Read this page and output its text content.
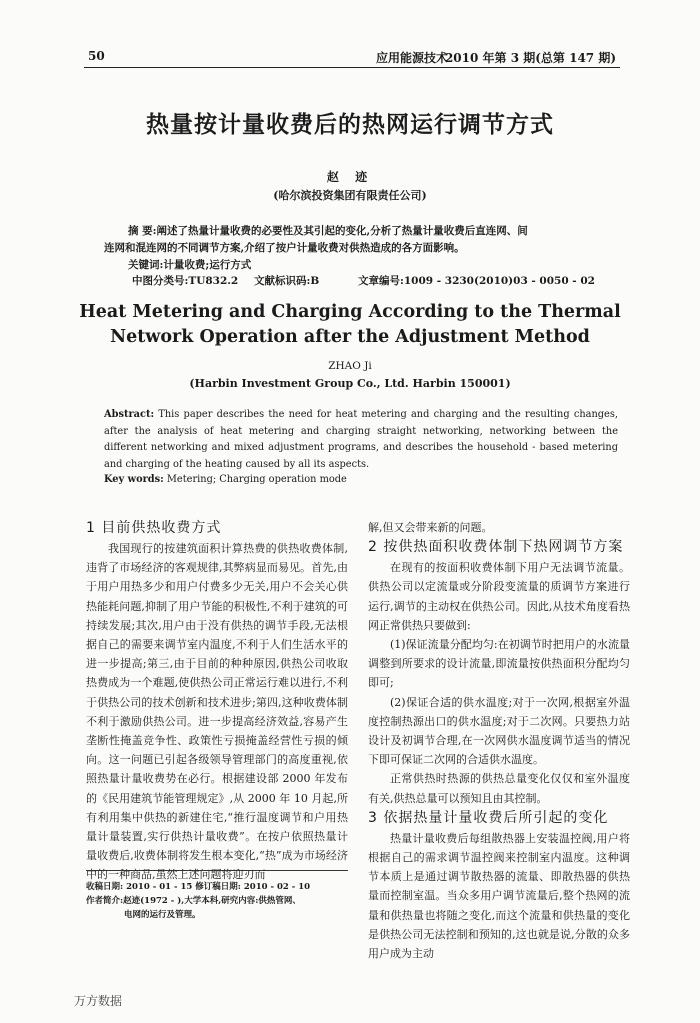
50	应用能源技术
2010 年第 3 期(总第 147 期)
热量按计量收费后的热网运行调节方式
赵 迹
(哈尔滨投资集团有限责任公司)
摘 要:阐述了热量计量收费的必要性及其引起的变化,分析了热量计量收费后直连网、间
连网和混连网的不同调节方案,介绍了按户计量收费对供热造成的各方面影响。
关键词:计量收费;运行方式
中图分类号:TU832.2 文献标识码:B	文章编号:1009 - 3230(2010)03 - 0050 - 02
Heat Metering and Charging According to the Thermal
Network Operation after the Adjustment Method
ZHAO Ji
(Harbin Investment Group Co., Ltd. Harbin 150001)
Abstract: This paper describes the need for heat metering and charging and the resulting changes, after the analysis of heat metering and charging straight networking, networking between the different networking and mixed adjustment programs, and describes the household - based metering and charging of the heating caused by all its aspects.
Key words: Metering; Charging operation mode
1 目前供热收费方式

我国现行的按建筑面积计算热费的供热收费体制,违背了市场经济的客观规律,其弊病显而易见。首先,由于用户用热多少和用户付费多少无关,用户不会关心供热能耗问题,抑制了用户节能的积极性,不利于建筑的可持续发展;其次,用户由于没有供热的调节手段,无法根据自己的需要来调节室内温度,不利于人们生活水平的进一步提高;第三,由于目前的种种原因,供热公司收取热费成为一个难题,使供热公司正常运行难以进行,不利于供热公司的技术创新和技术进步;第四,这种收费体制不利于激励供热公司。进一步提高经济效益,容易产生垄断性掩盖竞争性、政策性亏损掩盖经营性亏损的倾向。这一问题已引起各级领导管理部门的高度重视,依照热量计量收费势在必行。根据建设部 2000 年发布的《民用建筑节能管理规定》,从 2000 年 10 月起,所有利用集中供热的新建住宅,“推行温度调节和户用热量计量装置,实行供热计量收费”。在按户依照热量计量收费后,收费体制将发生根本变化,“热”成为市场经济中的一种商品,虽然上述问题将迎刃而

解,但又会带来新的问题。

2 按供热面积收费体制下热网调节方案

在现有的按面积收费体制下用户无法调节流量。供热公司以定流量或分阶段变流量的质调节方案进行运行,调节的主动权在供热公司。因此,从技术角度看热网正常供热只要做到:

(1)保证流量分配均匀:在初调节时把用户的水流量调整到所要求的设计流量,即流量按供热面积分配均匀即可;

(2)保证合适的供水温度;对于一次网,根据室外温度控制热源出口的供水温度;对于二次网。只要热力站设计及初调节合理,在一次网供水温度调节适当的情况下即可保证二次网的合适供水温度。

正常供热时热源的供热总量变化仅仅和室外温度有关,供热总量可以预知且由其控制。

3 依据热量计量收费后所引起的变化

热量计量收费后每组散热器上安装温控阀,用户将根据自己的需求调节温控阀来控制室内温度。这种调节本质上是通过调节散热器的流量、即散热器的供热量而控制室温。当众多用户调节流量后,整个热网的流量和供热量也将随之变化,而这个流量和供热量的变化是供热公司无法控制和预知的,这也就是说,分散的众多用户成为主动

收稿日期: 2010 - 01 - 15 修订稿日期: 2010 - 02 - 10
作者简介:赵迹(1972 - ),大学本科,研究内容:供热管网、
电网的运行及管理。
万方数据
